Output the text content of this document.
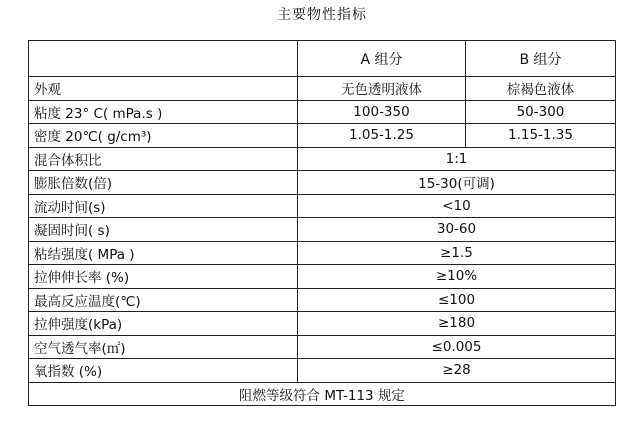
主要物性指标
	A 组分	B 组分
外观	无色透明液体	棕褐色液体
粘度 23° C( mPa.s )	100-350	50-300
密度 20℃( g/cm³)	1.05-1.25	1.15-1.35
混合体积比	1:1	
膨胀倍数(倍)	15-30(可调)	
流动时间(s)	<10	
凝固时间( s)	30-60	
粘结强度( MPa )	≥1.5	
拉伸伸长率 (%)	≥10%	
最高反应温度(℃)	≤100	
拉伸强度(kPa)	≥180	
空气透气率(㎡)	≤0.005	
氧指数 (%)	≥28	
阻燃等级符合 MT-113 规定		
